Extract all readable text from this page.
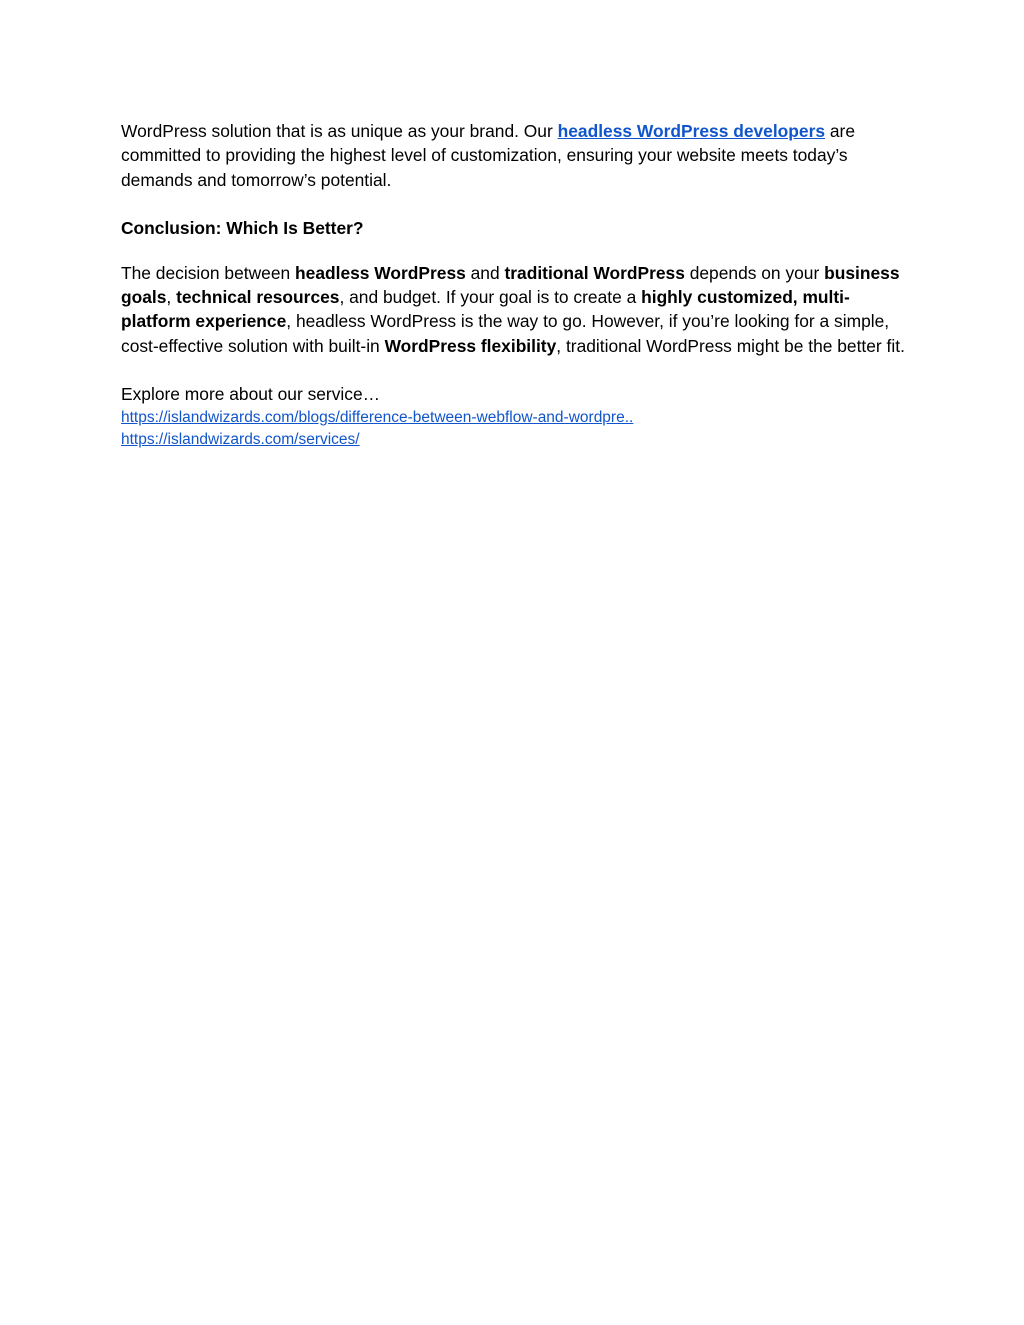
WordPress solution that is as unique as your brand. Our headless WordPress developers are committed to providing the highest level of customization, ensuring your website meets today’s demands and tomorrow’s potential.

Conclusion: Which Is Better?

The decision between headless WordPress and traditional WordPress depends on your business goals, technical resources, and budget. If your goal is to create a highly customized, multi-platform experience, headless WordPress is the way to go. However, if you’re looking for a simple, cost-effective solution with built-in WordPress flexibility, traditional WordPress might be the better fit.

Explore more about our service…
https://islandwizards.com/blogs/difference-between-webflow-and-wordpre..
https://islandwizards.com/services/
